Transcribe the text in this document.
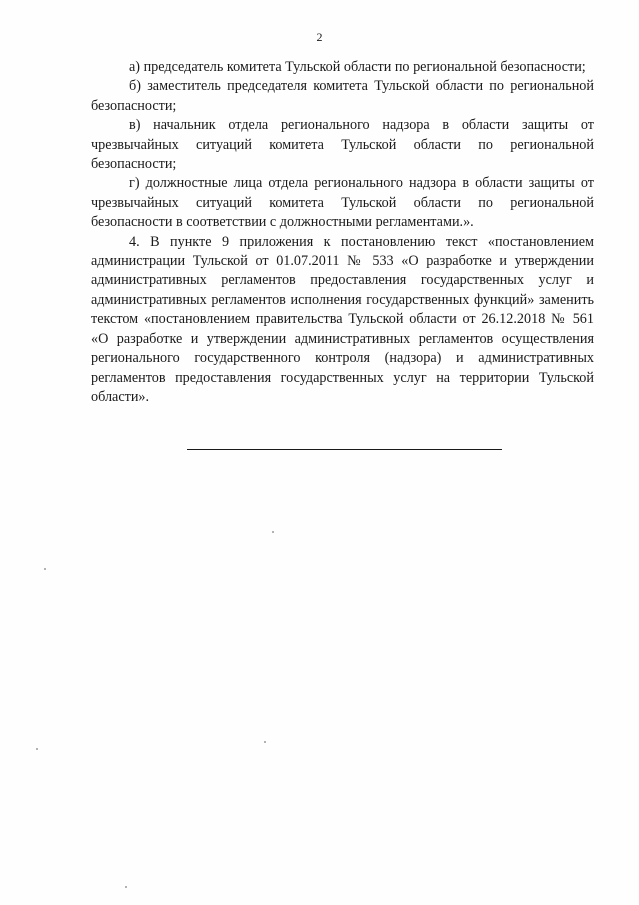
2

а) председатель комитета Тульской области по региональной безопасности;

б) заместитель председателя комитета Тульской области по региональной безопасности;

в) начальник отдела регионального надзора в области защиты от чрезвычайных ситуаций комитета Тульской области по региональной безопасности;

г) должностные лица отдела регионального надзора в области защиты от чрезвычайных ситуаций комитета Тульской области по региональной безопасности в соответствии с должностными регламентами.».

4. В пункте 9 приложения к постановлению текст «постановлением администрации Тульской от 01.07.2011 № 533 «О разработке и утверждении административных регламентов предоставления государственных услуг и административных регламентов исполнения государственных функций» заменить текстом «постановлением правительства Тульской области от 26.12.2018 № 561 «О разработке и утверждении административных регламентов осуществления регионального государственного контроля (надзора) и административных регламентов предоставления государственных услуг на территории Тульской области».
